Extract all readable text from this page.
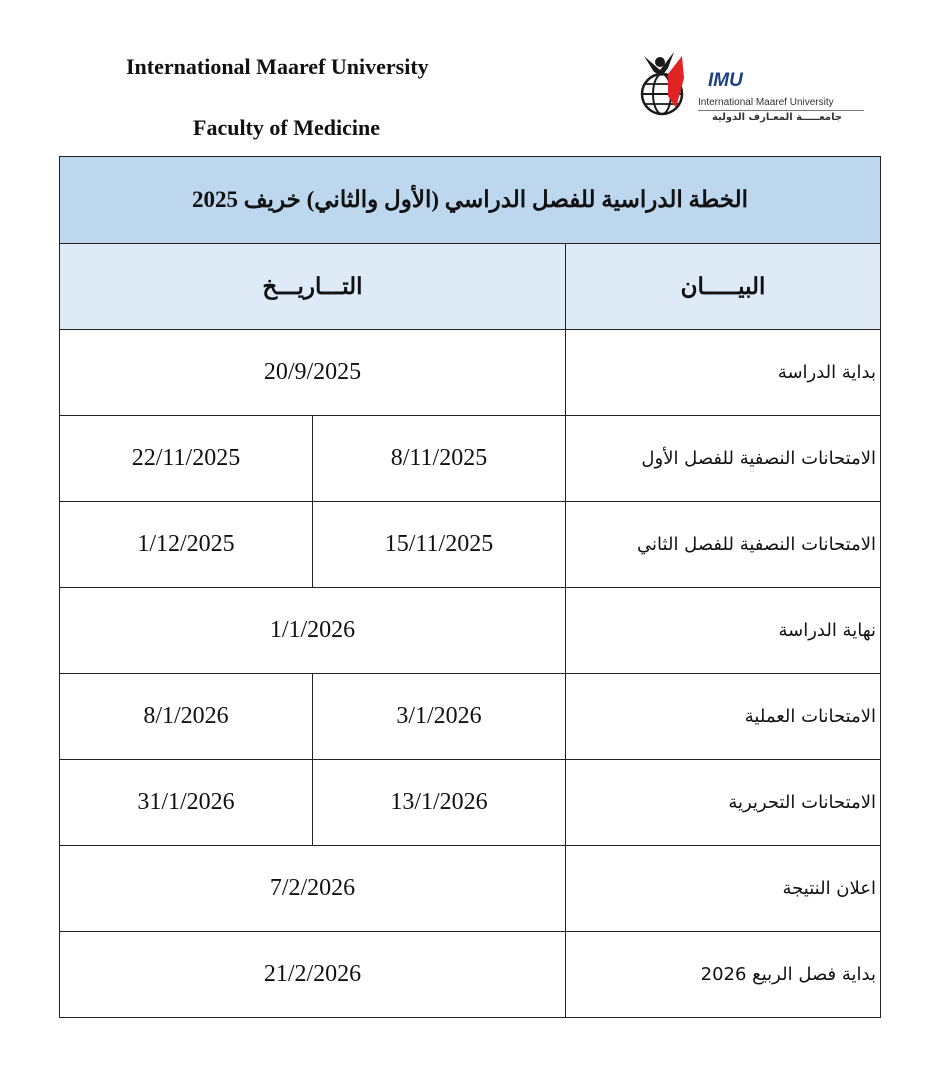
International Maaref University
Faculty of Medicine
IMU
International Maaref University
جامعـــــة المعـارف الدولية
الخطة الدراسية للفصل الدراسي (الأول والثاني) خريف 2025		
التـــاريـــخ		البيـــــان
20/9/2025		بداية الدراسة
22/11/2025	8/11/2025	الامتحانات النصفية للفصل الأول
1/12/2025	15/11/2025	الامتحانات النصفية للفصل الثاني
1/1/2026		نهاية الدراسة
8/1/2026	3/1/2026	الامتحانات العملية
31/1/2026	13/1/2026	الامتحانات التحريرية
7/2/2026		اعلان النتيجة
21/2/2026		بداية فصل الربيع 2026
